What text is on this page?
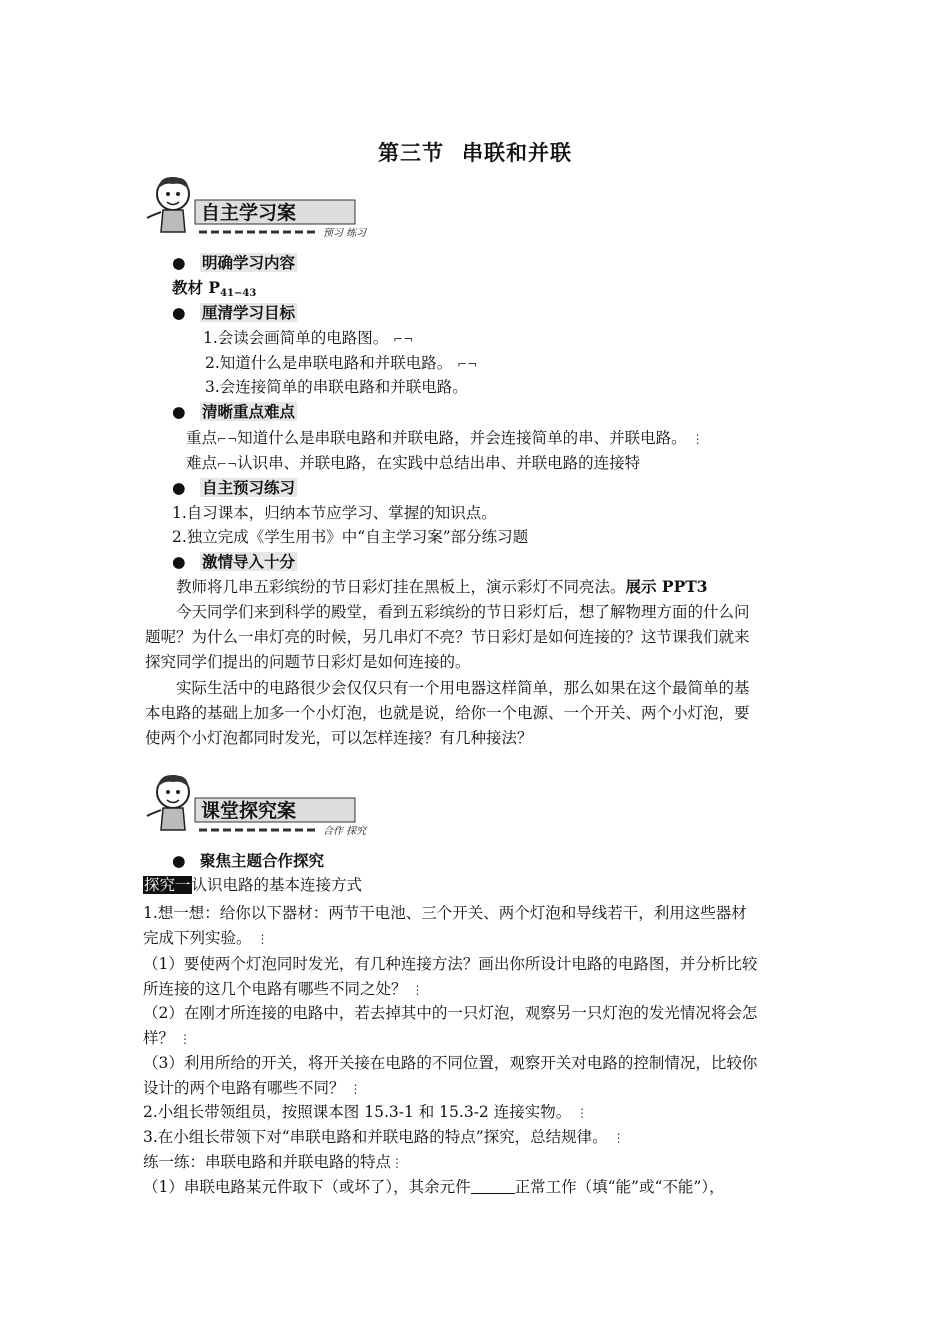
第三节 串联和并联
自主学习案
预习 练习
● 明确学习内容
教材 $P_{41-43}$
● 厘清学习目标
1.会读会画简单的电路图。 ⌐¬
2.知道什么是串联电路和并联电路。 ⌐¬
3.会连接简单的串联电路和并联电路。
● 清晰重点难点
重点⌐¬知道什么是串联电路和并联电路，并会连接简单的串、并联电路。 ⋮
难点⌐¬认识串、并联电路，在实践中总结出串、并联电路的连接特
● 自主预习练习
1.自习课本，归纳本节应学习、掌握的知识点。
2.独立完成《学生用书》中“自主学习案”部分练习题
● 激情导入十分
教师将几串五彩缤纷的节日彩灯挂在黑板上，演示彩灯不同亮法。展示 PPT3
今天同学们来到科学的殿堂，看到五彩缤纷的节日彩灯后，想了解物理方面的什么问
题呢？为什么一串灯亮的时候，另几串灯不亮？节日彩灯是如何连接的？这节课我们就来
探究同学们提出的问题节日彩灯是如何连接的。
实际生活中的电路很少会仅仅只有一个用电器这样简单，那么如果在这个最简单的基
本电路的基础上加多一个小灯泡，也就是说，给你一个电源、一个开关、两个小灯泡，要
使两个小灯泡都同时发光，可以怎样连接？有几种接法？
课堂探究案
合作 探究
● 聚焦主题合作探究
探究一认识电路的基本连接方式
1.想一想：给你以下器材：两节干电池、三个开关、两个灯泡和导线若干，利用这些器材
完成下列实验。 ⋮
（1）要使两个灯泡同时发光，有几种连接方法？画出你所设计电路的电路图，并分析比较
所连接的这几个电路有哪些不同之处？ ⋮
（2）在刚才所连接的电路中，若去掉其中的一只灯泡，观察另一只灯泡的发光情况将会怎
样？ ⋮
（3）利用所给的开关，将开关接在电路的不同位置，观察开关对电路的控制情况，比较你
设计的两个电路有哪些不同？ ⋮
2.小组长带领组员，按照课本图 15.3-1 和 15.3-2 连接实物。 ⋮
3.在小组长带领下对“串联电路和并联电路的特点”探究，总结规律。 ⋮
练一练：串联电路和并联电路的特点⋮
（1）串联电路某元件取下（或坏了），其余元件	正常工作（填“能”或“不能”），
